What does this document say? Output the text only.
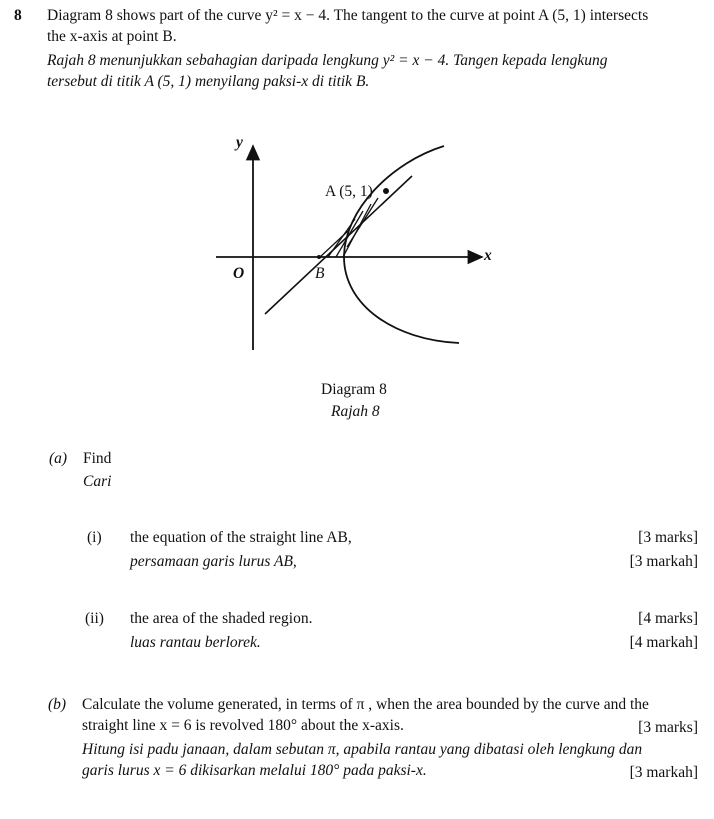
8 Diagram 8 shows part of the curve y² = x − 4. The tangent to the curve at point A (5, 1) intersects
the x-axis at point B.
Rajah 8 menunjukkan sebahagian daripada lengkung y² = x − 4. Tangen kepada lengkung
tersebut di titik A (5, 1) menyilang paksi-x di titik B.
y
x
O
A (5, 1)
B
Diagram 8
Rajah 8
(a) Find
Cari
(i) the equation of the straight line AB,
persamaan garis lurus AB,
[3 marks]
[3 markah]
(ii) the area of the shaded region.
luas rantau berlorek.
[4 marks]
[4 markah]
(b) Calculate the volume generated, in terms of π , when the area bounded by the curve and the
straight line x = 6 is revolved 180° about the x-axis.	[3 marks]
Hitung isi padu janaan, dalam sebutan π, apabila rantau yang dibatasi oleh lengkung dan
garis lurus x = 6 dikisarkan melalui 180° pada paksi-x.	[3 markah]
